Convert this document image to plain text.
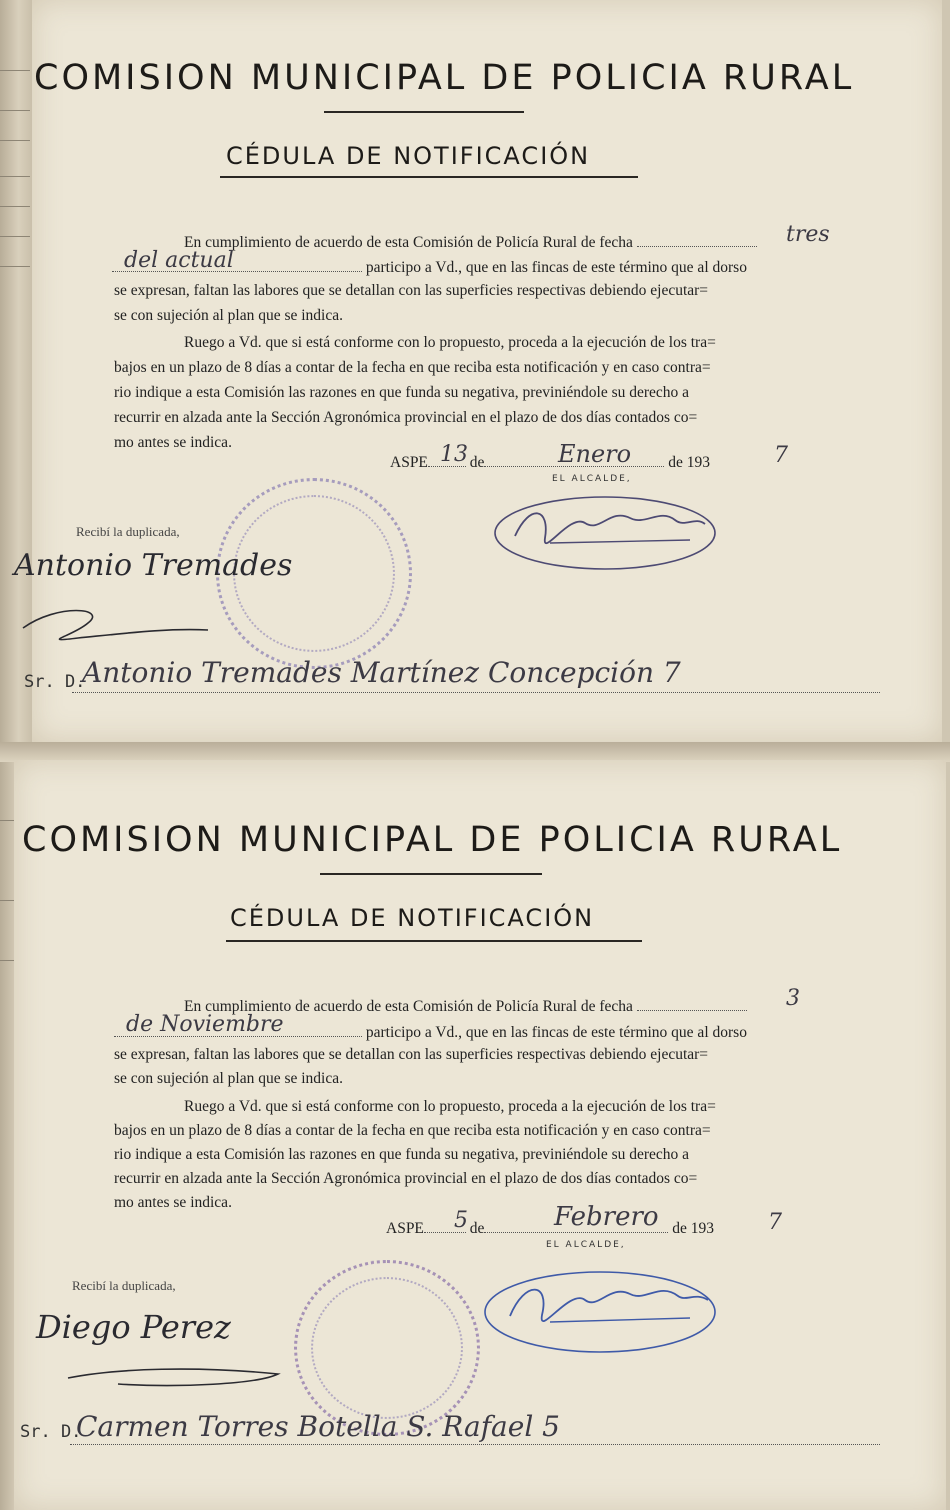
COMISION MUNICIPAL DE POLICIA RURAL
CÉDULA DE NOTIFICACIÓN

En cumplimiento de acuerdo de esta Comisión de Policía Rural de fecha	tres

participo a Vd., que en las fincas de este término que al dorso

del actual

se expresan, faltan las labores que se detallan con las superficies respectivas debiendo ejecutar=

se con sujeción al plan que se indica.

Ruego a Vd. que si está conforme con lo propuesto, proceda a la ejecución de los tra=

bajos en un plazo de 8 días a contar de la fecha en que reciba esta notificación y en caso contra=

rio indique a esta Comisión las razones en que funda su negativa, previniéndole su derecho a

recurrir en alzada ante la Sección Agronómica provincial en el plazo de dos días contados co=

mo antes se indica.

ASPE	de	de 193
13	Enero	7
EL ALCALDE,
Recibí la duplicada,
Antonio Tremades
Sr. D.
Antonio Tremades Martínez Concepción 7
COMISION MUNICIPAL DE POLICIA RURAL
CÉDULA DE NOTIFICACIÓN

En cumplimiento de acuerdo de esta Comisión de Policía Rural de fecha	3

participo a Vd., que en las fincas de este término que al dorso

de Noviembre

se expresan, faltan las labores que se detallan con las superficies respectivas debiendo ejecutar=

se con sujeción al plan que se indica.

Ruego a Vd. que si está conforme con lo propuesto, proceda a la ejecución de los tra=

bajos en un plazo de 8 días a contar de la fecha en que reciba esta notificación y en caso contra=

rio indique a esta Comisión las razones en que funda su negativa, previniéndole su derecho a

recurrir en alzada ante la Sección Agronómica provincial en el plazo de dos días contados co=

mo antes se indica.

ASPE	de	de 193
5	Febrero	7
EL ALCALDE,
Recibí la duplicada,
Diego Perez
Sr. D.
Carmen Torres Botella S. Rafael 5
